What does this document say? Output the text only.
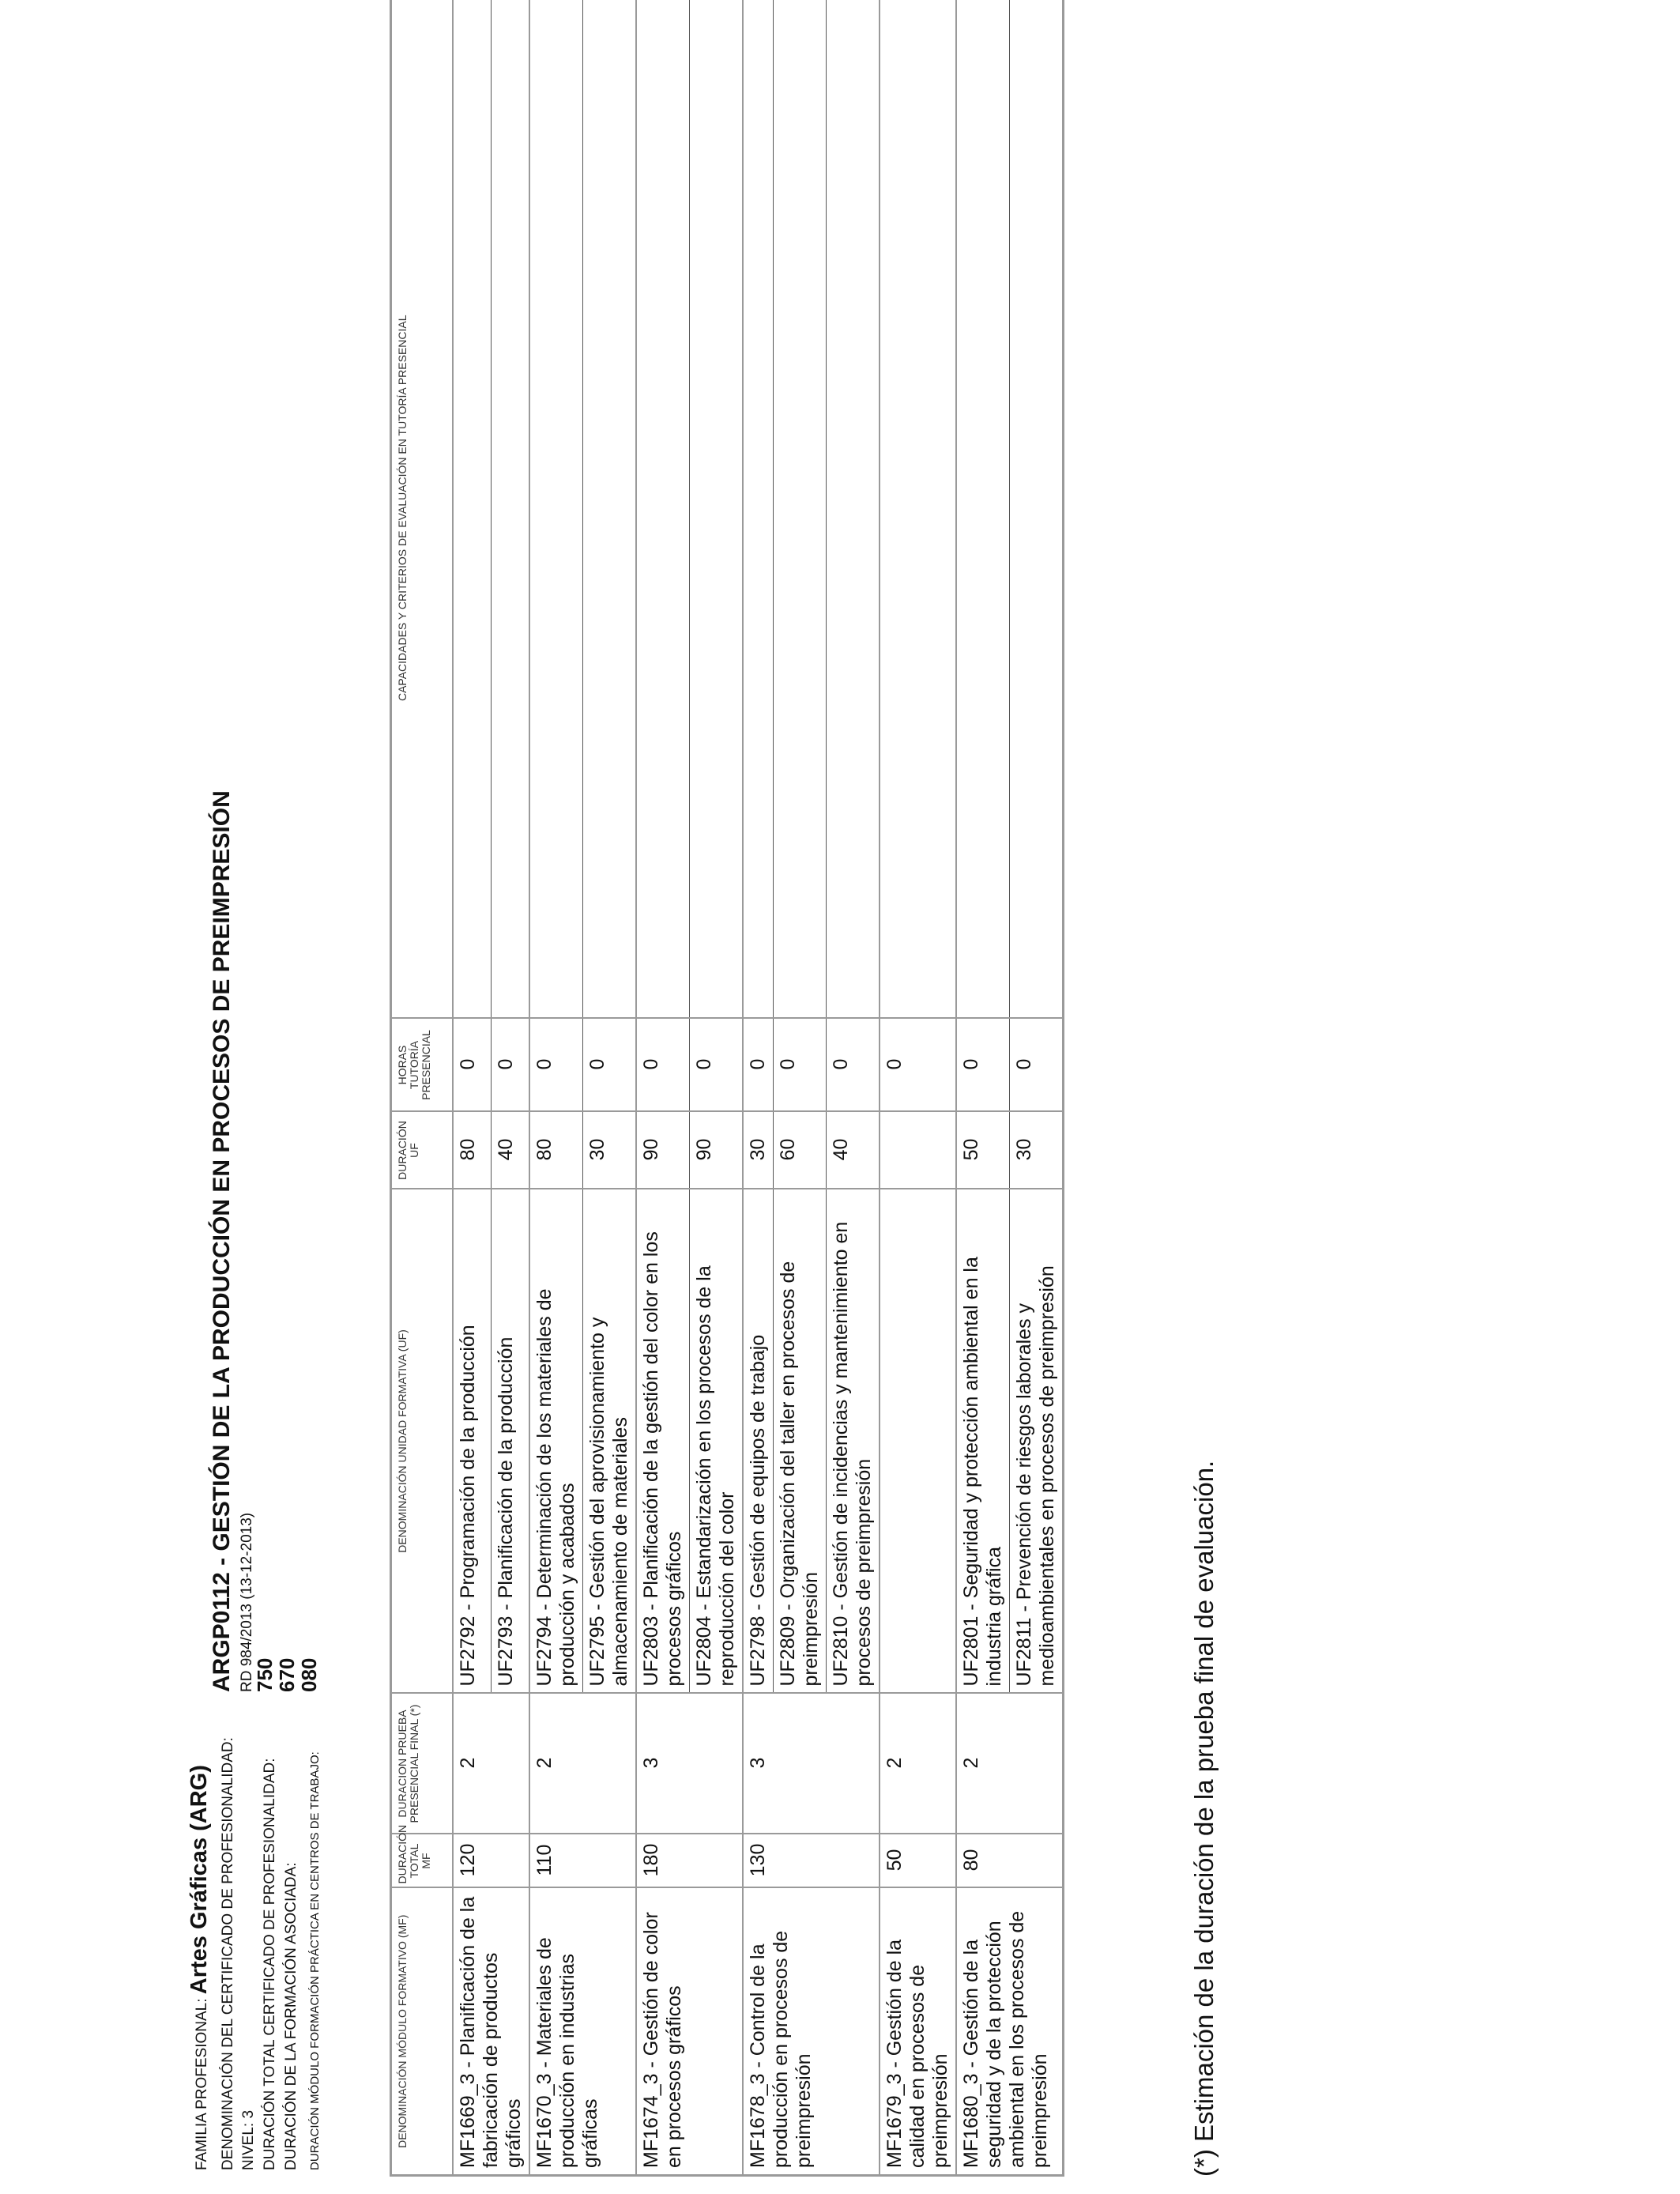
FAMILIA PROFESIONAL: Artes Gráficas (ARG) DENOMINACIÓN DEL CERTIFICADO DE PROFESIONALIDAD:
ARGP0112 - GESTIÓN DE LA PRODUCCIÓN EN PROCESOS DE PREIMPRESIÓN
NIVEL: 3
RD 984/2013 (13-12-2013)
DURACIÓN TOTAL CERTIFICADO DE PROFESIONALIDAD:
750
DURACIÓN DE LA FORMACIÓN ASOCIADA:
670
DURACIÓN MÓDULO FORMACIÓN PRÁCTICA EN CENTROS DE TRABAJO:
080
DENOMINACIÓN MÓDULO FORMATIVO (MF)	DURACIÓN TOTAL MF	DURACION PRUEBA PRESENCIAL FINAL (*)	DENOMINACIÓN UNIDAD FORMATIVA (UF)	DURACIÓN UF	HORAS TUTORÍA PRESENCIAL	CAPACIDADES Y CRITERIOS DE EVALUACIÓN EN TUTORÍA PRESENCIAL
MF1669_3 - Planificación de la fabricación de productos gráficos	120	2	UF2792 - Programación de la producción	80	0	
			UF2793 - Planificación de la producción	40	0	
MF1670_3 - Materiales de producción en industrias gráficas	110	2	UF2794 - Determinación de los materiales de producción y acabados	80	0	
			UF2795 - Gestión del aprovisionamiento y almacenamiento de materiales	30	0	
MF1674_3 - Gestión de color en procesos gráficos	180	3	UF2803 - Planificación de la gestión del color en los procesos gráficos	90	0	
			UF2804 - Estandarización en los procesos de la reproducción del color	90	0	
MF1678_3 - Control de la producción en procesos de preimpresión	130	3	UF2798 - Gestión de equipos de trabajo	30	0	
			UF2809 - Organización del taller en procesos de preimpresión	60	0	
			UF2810 - Gestión de incidencias y mantenimiento en procesos de preimpresión	40	0	
MF1679_3 - Gestión de la calidad en procesos de preimpresión	50	2			0	
MF1680_3 - Gestión de la seguridad y de la protección ambiental en los procesos de preimpresión	80	2	UF2801 - Seguridad y protección ambiental en la industria gráfica	50	0	
			UF2811 - Prevención de riesgos laborales y medioambientales en procesos de preimpresión	30	0	
(*) Estimación de la duración de la prueba final de evaluación.
